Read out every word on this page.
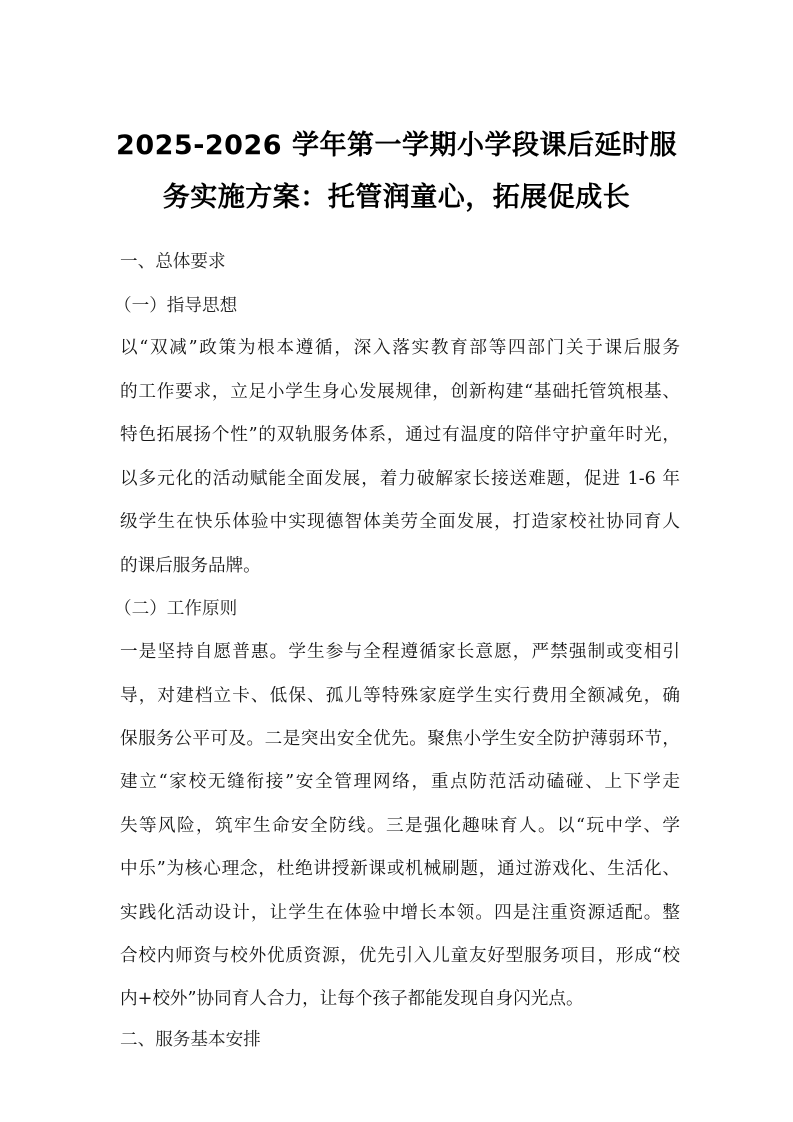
2025-2026 学年第一学期小学段课后延时服
务实施方案：托管润童心，拓展促成长
一、总体要求
（一）指导思想
以“双减”政策为根本遵循，深入落实教育部等四部门关于课后服务
的工作要求，立足小学生身心发展规律，创新构建“基础托管筑根基、
特色拓展扬个性”的双轨服务体系，通过有温度的陪伴守护童年时光，
以多元化的活动赋能全面发展，着力破解家长接送难题，促进 1-6 年
级学生在快乐体验中实现德智体美劳全面发展，打造家校社协同育人
的课后服务品牌。
（二）工作原则
一是坚持自愿普惠。学生参与全程遵循家长意愿，严禁强制或变相引
导，对建档立卡、低保、孤儿等特殊家庭学生实行费用全额减免，确
保服务公平可及。二是突出安全优先。聚焦小学生安全防护薄弱环节，
建立“家校无缝衔接”安全管理网络，重点防范活动磕碰、上下学走
失等风险，筑牢生命安全防线。三是强化趣味育人。以“玩中学、学
中乐”为核心理念，杜绝讲授新课或机械刷题，通过游戏化、生活化、
实践化活动设计，让学生在体验中增长本领。四是注重资源适配。整
合校内师资与校外优质资源，优先引入儿童友好型服务项目，形成“校
内+校外”协同育人合力，让每个孩子都能发现自身闪光点。
二、服务基本安排
